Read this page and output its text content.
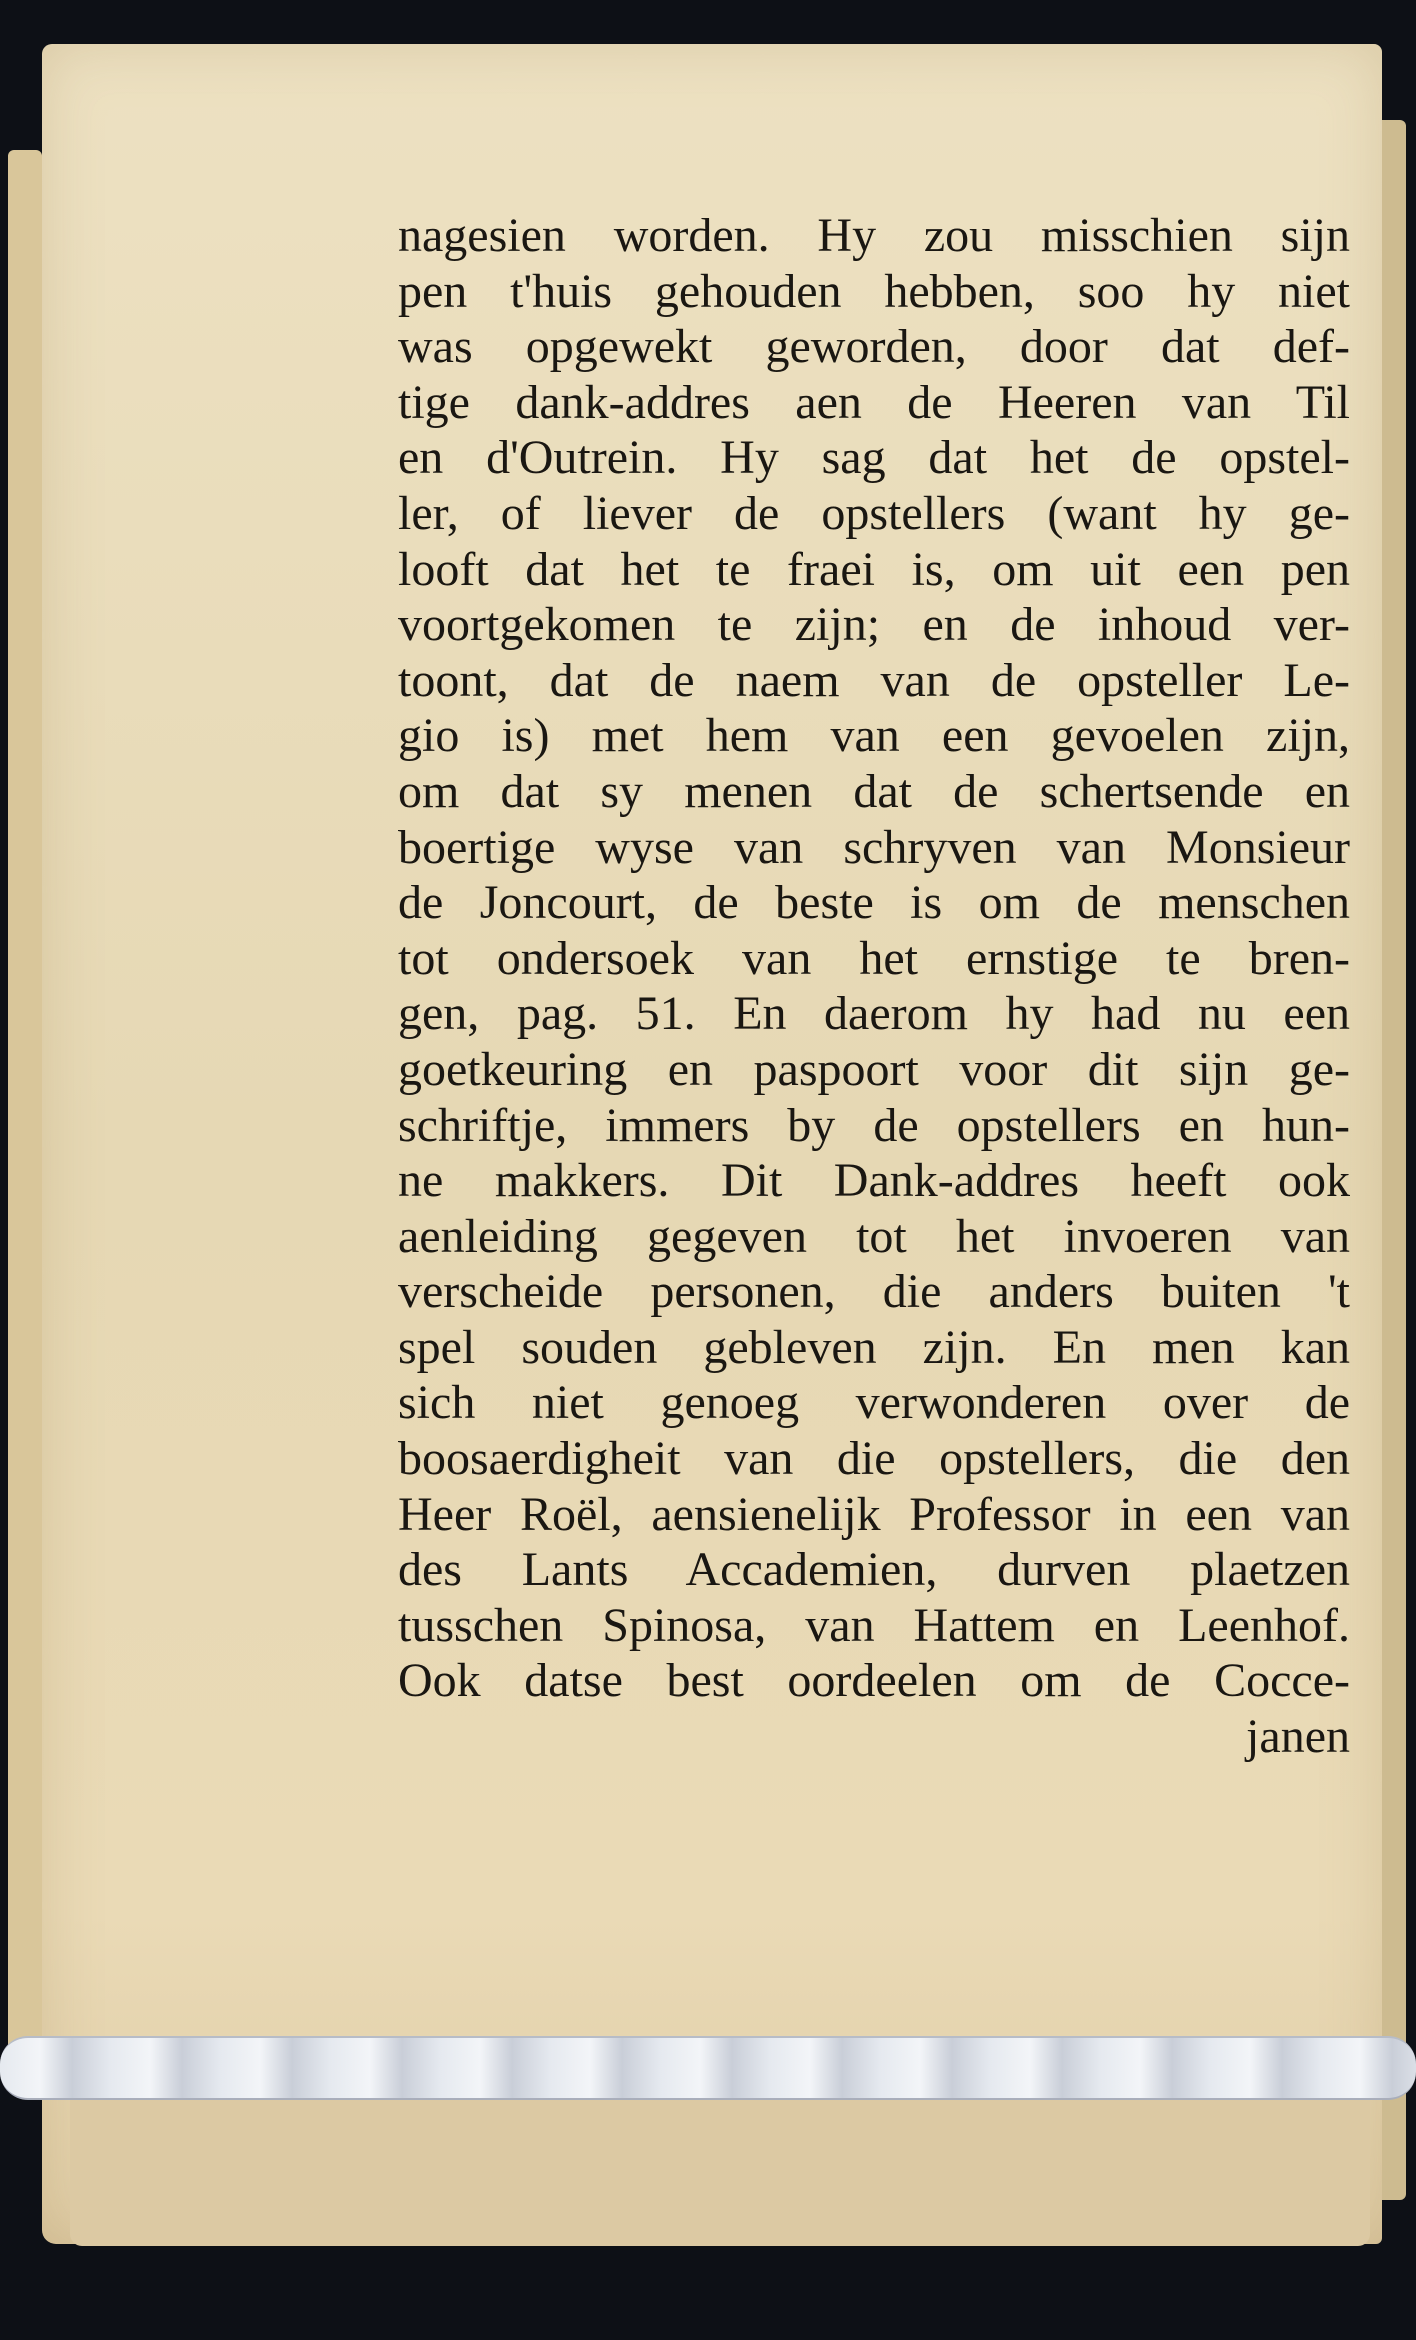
nagesien worden. Hy zou misschien sijn
pen t'huis gehouden hebben, soo hy niet
was opgewekt geworden, door dat def-
tige dank-addres aen de Heeren van Til
en d'Outrein. Hy sag dat het de opstel-
ler, of liever de opstellers (want hy ge-
looft dat het te fraei is, om uit een pen
voortgekomen te zijn; en de inhoud ver-
toont, dat de naem van de opsteller Le-
gio is) met hem van een gevoelen zijn,
om dat sy menen dat de schertsende en
boertige wyse van schryven van Monsieur
de Joncourt, de beste is om de menschen
tot ondersoek van het ernstige te bren-
gen, pag. 51. En daerom hy had nu een
goetkeuring en paspoort voor dit sijn ge-
schriftje, immers by de opstellers en hun-
ne makkers. Dit Dank-addres heeft ook
aenleiding gegeven tot het invoeren van
verscheide personen, die anders buiten 't
spel souden gebleven zijn. En men kan
sich niet genoeg verwonderen over de
boosaerdigheit van die opstellers, die den
Heer Roël, aensienelijk Professor in een van
des Lants Accademien, durven plaetzen
tusschen Spinosa, van Hattem en Leenhof.
Ook datse best oordeelen om de Cocce-
janen
